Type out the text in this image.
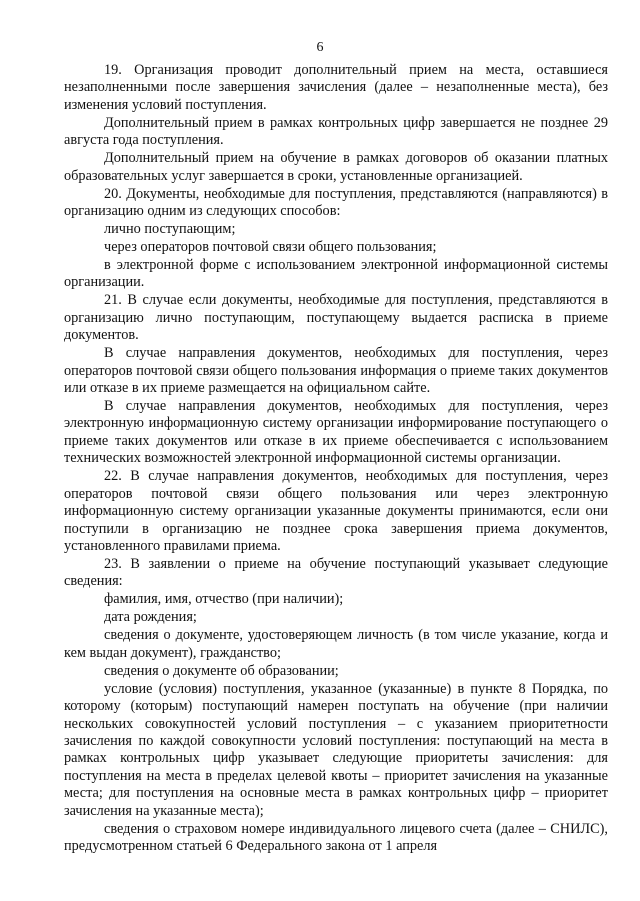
6

19. Организация проводит дополнительный прием на места, оставшиеся незаполненными после завершения зачисления (далее – незаполненные места), без изменения условий поступления.

Дополнительный прием в рамках контрольных цифр завершается не позднее 29 августа года поступления.

Дополнительный прием на обучение в рамках договоров об оказании платных образовательных услуг завершается в сроки, установленные организацией.

20. Документы, необходимые для поступления, представляются (направляются) в организацию одним из следующих способов:

лично поступающим;

через операторов почтовой связи общего пользования;

в электронной форме с использованием электронной информационной системы организации.

21. В случае если документы, необходимые для поступления, представляются в организацию лично поступающим, поступающему выдается расписка в приеме документов.

В случае направления документов, необходимых для поступления, через операторов почтовой связи общего пользования информация о приеме таких документов или отказе в их приеме размещается на официальном сайте.

В случае направления документов, необходимых для поступления, через электронную информационную систему организации информирование поступающего о приеме таких документов или отказе в их приеме обеспечивается с использованием технических возможностей электронной информационной системы организации.

22. В случае направления документов, необходимых для поступления, через операторов почтовой связи общего пользования или через электронную информационную систему организации указанные документы принимаются, если они поступили в организацию не позднее срока завершения приема документов, установленного правилами приема.

23. В заявлении о приеме на обучение поступающий указывает следующие сведения:

фамилия, имя, отчество (при наличии);

дата рождения;

сведения о документе, удостоверяющем личность (в том числе указание, когда и кем выдан документ), гражданство;

сведения о документе об образовании;

условие (условия) поступления, указанное (указанные) в пункте 8 Порядка, по которому (которым) поступающий намерен поступать на обучение (при наличии нескольких совокупностей условий поступления – с указанием приоритетности зачисления по каждой совокупности условий поступления: поступающий на места в рамках контрольных цифр указывает следующие приоритеты зачисления: для поступления на места в пределах целевой квоты – приоритет зачисления на указанные места; для поступления на основные места в рамках контрольных цифр – приоритет зачисления на указанные места);

сведения о страховом номере индивидуального лицевого счета (далее – СНИЛС), предусмотренном статьей 6 Федерального закона от 1 апреля
